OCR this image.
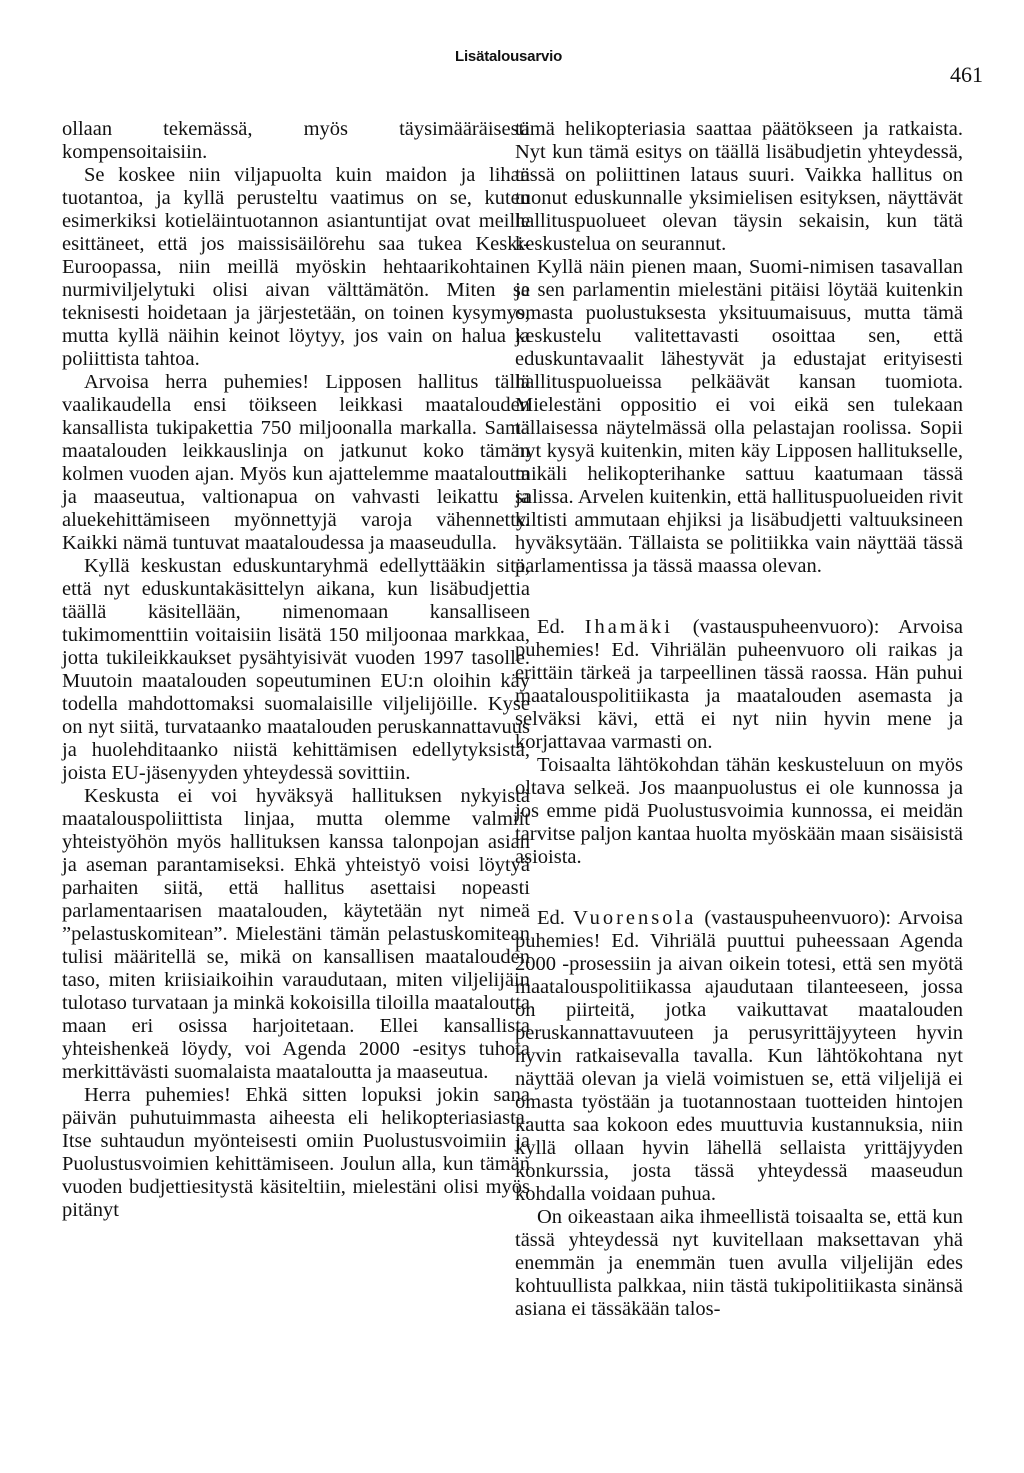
Lisätalousarvio
461

ollaan tekemässä, myös täysimääräisesti kompensoitaisiin.

Se koskee niin viljapuolta kuin maidon ja lihan tuotantoa, ja kyllä perusteltu vaatimus on se, kuten esimerkiksi kotieläintuotannon asiantuntijat ovat meille esittäneet, että jos maissisäilörehu saa tukea Keski-Euroopassa, niin meillä myöskin hehtaarikohtainen nurmiviljelytuki olisi aivan välttämätön. Miten se teknisesti hoidetaan ja järjestetään, on toinen kysymys, mutta kyllä näihin keinot löytyy, jos vain on halua ja poliittista tahtoa.

Arvoisa herra puhemies! Lipposen hallitus tällä vaalikaudella ensi töikseen leikkasi maatalouden kansallista tukipakettia 750 miljoonalla markalla. Sama maatalouden leikkauslinja on jatkunut koko tämän kolmen vuoden ajan. Myös kun ajattelemme maataloutta ja maaseutua, valtionapua on vahvasti leikattu ja aluekehittämiseen myönnettyjä varoja vähennetty. Kaikki nämä tuntuvat maataloudessa ja maaseudulla.

Kyllä keskustan eduskuntaryhmä edellyttääkin sitä, että nyt eduskuntakäsittelyn aikana, kun lisäbudjettia täällä käsitellään, nimenomaan kansalliseen tukimomenttiin voitaisiin lisätä 150 miljoonaa markkaa, jotta tukileikkaukset pysähtyisivät vuoden 1997 tasolle. Muutoin maatalouden sopeutuminen EU:n oloihin käy todella mahdottomaksi suomalaisille viljelijöille. Kyse on nyt siitä, turvataanko maatalouden peruskannattavuus ja huolehditaanko niistä kehittämisen edellytyksistä, joista EU-jäsenyyden yhteydessä sovittiin.

Keskusta ei voi hyväksyä hallituksen nykyistä maatalouspoliittista linjaa, mutta olemme valmiit yhteistyöhön myös hallituksen kanssa talonpojan asian ja aseman parantamiseksi. Ehkä yhteistyö voisi löytyä parhaiten siitä, että hallitus asettaisi nopeasti parlamentaarisen maatalouden, käytetään nyt nimeä ”pelastuskomitean”. Mielestäni tämän pelastuskomitean tulisi määritellä se, mikä on kansallisen maatalouden taso, miten kriisiaikoihin varaudutaan, miten viljelijäin tulotaso turvataan ja minkä kokoisilla tiloilla maataloutta maan eri osissa harjoitetaan. Ellei kansallista yhteishenkeä löydy, voi Agenda 2000 -esitys tuhota merkittävästi suomalaista maataloutta ja maaseutua.

Herra puhemies! Ehkä sitten lopuksi jokin sana päivän puhutuimmasta aiheesta eli helikopteriasiasta. Itse suhtaudun myönteisesti omiin Puolustusvoimiin ja Puolustusvoimien kehittämiseen. Joulun alla, kun tämän vuoden budjettiesitystä käsiteltiin, mielestäni olisi myös pitänyt

tämä helikopteriasia saattaa päätökseen ja ratkaista. Nyt kun tämä esitys on täällä lisäbudjetin yhteydessä, tässä on poliittinen lataus suuri. Vaikka hallitus on tuonut eduskunnalle yksimielisen esityksen, näyttävät hallituspuolueet olevan täysin sekaisin, kun tätä keskustelua on seurannut.

Kyllä näin pienen maan, Suomi-nimisen tasavallan ja sen parlamentin mielestäni pitäisi löytää kuitenkin omasta puolustuksesta yksituumaisuus, mutta tämä keskustelu valitettavasti osoittaa sen, että eduskuntavaalit lähestyvät ja edustajat erityisesti hallituspuolueissa pelkäävät kansan tuomiota. Mielestäni oppositio ei voi eikä sen tulekaan tällaisessa näytelmässä olla pelastajan roolissa. Sopii nyt kysyä kuitenkin, miten käy Lipposen hallitukselle, mikäli helikopterihanke sattuu kaatumaan tässä salissa. Arvelen kuitenkin, että hallituspuolueiden rivit kiltisti ammutaan ehjiksi ja lisäbudjetti valtuuksineen hyväksytään. Tällaista se politiikka vain näyttää tässä parlamentissa ja tässä maassa olevan.

Ed. Ihamäki (vastauspuheenvuoro): Arvoisa puhemies! Ed. Vihriälän puheenvuoro oli raikas ja erittäin tärkeä ja tarpeellinen tässä raossa. Hän puhui maatalouspolitiikasta ja maatalouden asemasta ja selväksi kävi, että ei nyt niin hyvin mene ja korjattavaa varmasti on.

Toisaalta lähtökohdan tähän keskusteluun on myös oltava selkeä. Jos maanpuolustus ei ole kunnossa ja jos emme pidä Puolustusvoimia kunnossa, ei meidän tarvitse paljon kantaa huolta myöskään maan sisäisistä asioista.

Ed. Vuorensola (vastauspuheenvuoro): Arvoisa puhemies! Ed. Vihriälä puuttui puheessaan Agenda 2000 -prosessiin ja aivan oikein totesi, että sen myötä maatalouspolitiikassa ajaudutaan tilanteeseen, jossa on piirteitä, jotka vaikuttavat maatalouden peruskannattavuuteen ja perusyrittäjyyteen hyvin hyvin ratkaisevalla tavalla. Kun lähtökohtana nyt näyttää olevan ja vielä voimistuen se, että viljelijä ei omasta työstään ja tuotannostaan tuotteiden hintojen kautta saa kokoon edes muuttuvia kustannuksia, niin kyllä ollaan hyvin lähellä sellaista yrittäjyyden konkurssia, josta tässä yhteydessä maaseudun kohdalla voidaan puhua.

On oikeastaan aika ihmeellistä toisaalta se, että kun tässä yhteydessä nyt kuvitellaan maksettavan yhä enemmän ja enemmän tuen avulla viljelijän edes kohtuullista palkkaa, niin tästä tukipolitiikasta sinänsä asiana ei tässäkään talos-
